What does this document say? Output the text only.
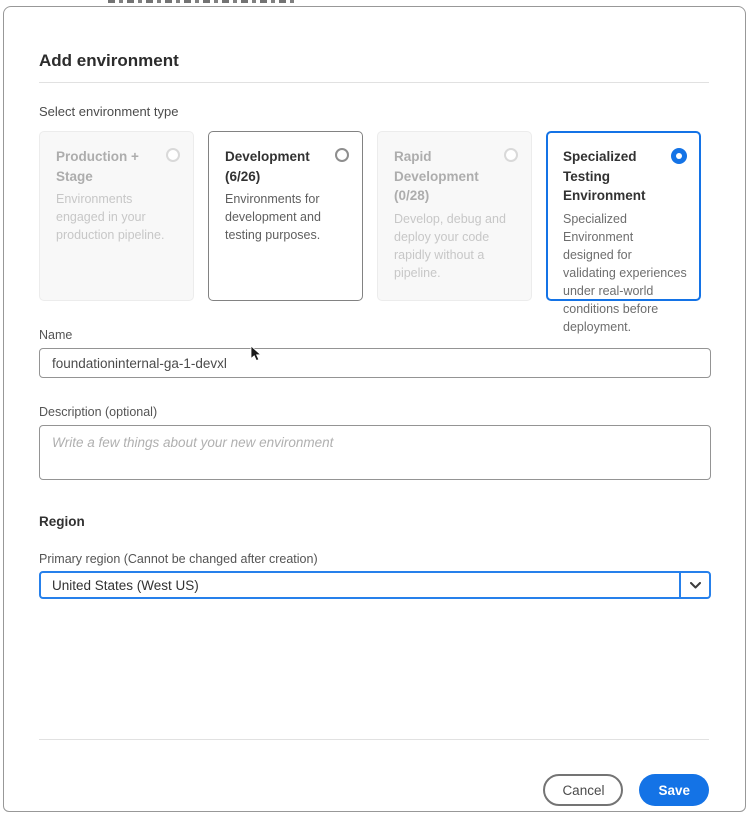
Add environment
Select environment type
Production + Stage
Environments engaged in your production pipeline.
Development (6/26)
Environments for development and testing purposes.
Rapid Development (0/28)
Develop, debug and deploy your code rapidly without a pipeline.
Specialized Testing Environment
Specialized Environment designed for validating experiences under real-world conditions before deployment.
Name
foundationinternal-ga-1-devxl
Description (optional)
Write a few things about your new environment
Region
Primary region (Cannot be changed after creation)
United States (West US)
Cancel	Save
